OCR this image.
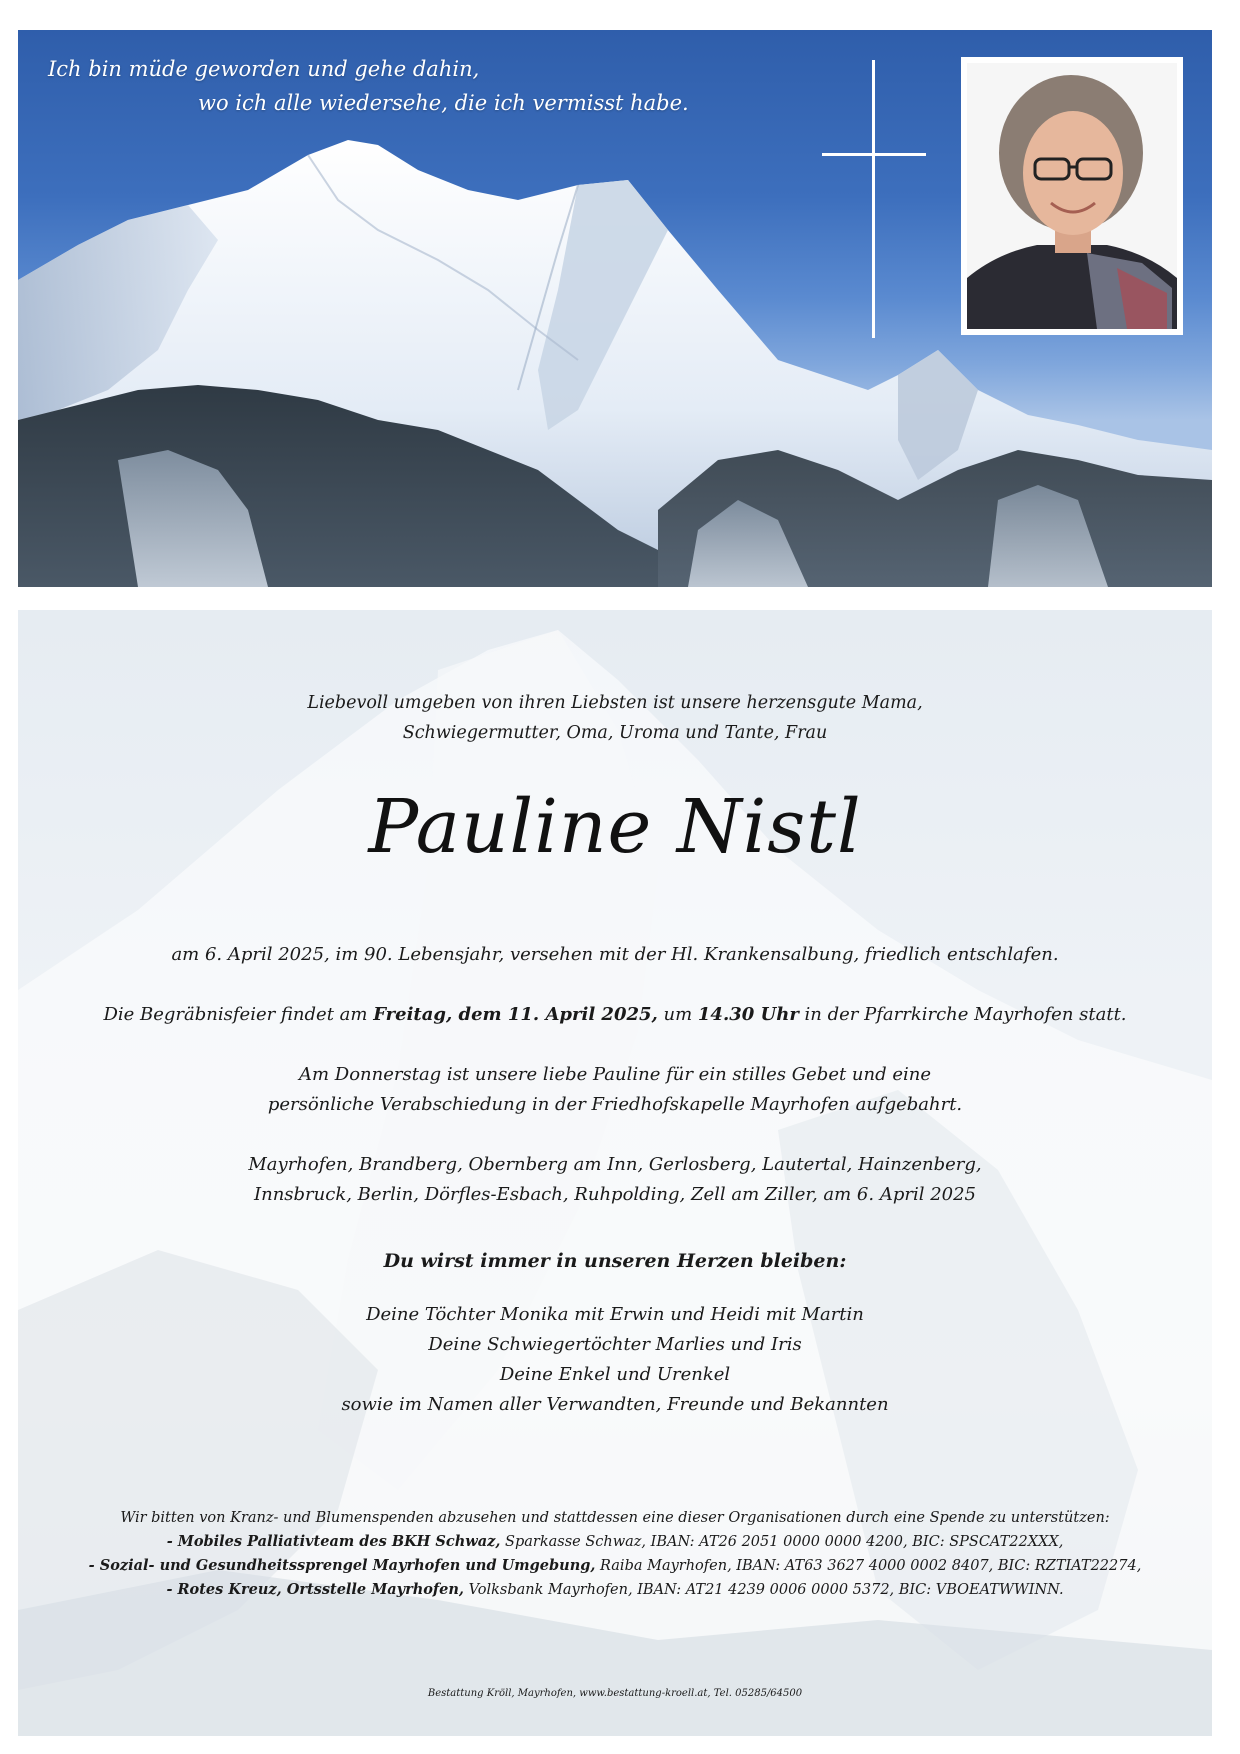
Ich bin müde geworden und gehe dahin,
wo ich alle wiedersehe, die ich vermisst habe.
Liebevoll umgeben von ihren Liebsten ist unsere herzensgute Mama,
Schwiegermutter, Oma, Uroma und Tante, Frau
Pauline Nistl
am 6. April 2025, im 90. Lebensjahr, versehen mit der Hl. Krankensalbung, friedlich entschlafen.
Die Begräbnisfeier findet am Freitag, dem 11. April 2025, um 14.30 Uhr in der Pfarrkirche Mayrhofen statt.
Am Donnerstag ist unsere liebe Pauline für ein stilles Gebet und eine
persönliche Verabschiedung in der Friedhofskapelle Mayrhofen aufgebahrt.
Mayrhofen, Brandberg, Obernberg am Inn, Gerlosberg, Lautertal, Hainzenberg,
Innsbruck, Berlin, Dörfles-Esbach, Ruhpolding, Zell am Ziller, am 6. April 2025
Du wirst immer in unseren Herzen bleiben:
Deine Töchter Monika mit Erwin und Heidi mit Martin
Deine Schwiegertöchter Marlies und Iris
Deine Enkel und Urenkel
sowie im Namen aller Verwandten, Freunde und Bekannten
Wir bitten von Kranz- und Blumenspenden abzusehen und stattdessen eine dieser Organisationen durch eine Spende zu unterstützen:
- Mobiles Palliativteam des BKH Schwaz, Sparkasse Schwaz, IBAN: AT26 2051 0000 0000 4200, BIC: SPSCAT22XXX,
- Sozial- und Gesundheitssprengel Mayrhofen und Umgebung, Raiba Mayrhofen, IBAN: AT63 3627 4000 0002 8407, BIC: RZTIAT22274,
- Rotes Kreuz, Ortsstelle Mayrhofen, Volksbank Mayrhofen, IBAN: AT21 4239 0006 0000 5372, BIC: VBOEATWWINN.
Bestattung Kröll, Mayrhofen, www.bestattung-kroell.at, Tel. 05285/64500
